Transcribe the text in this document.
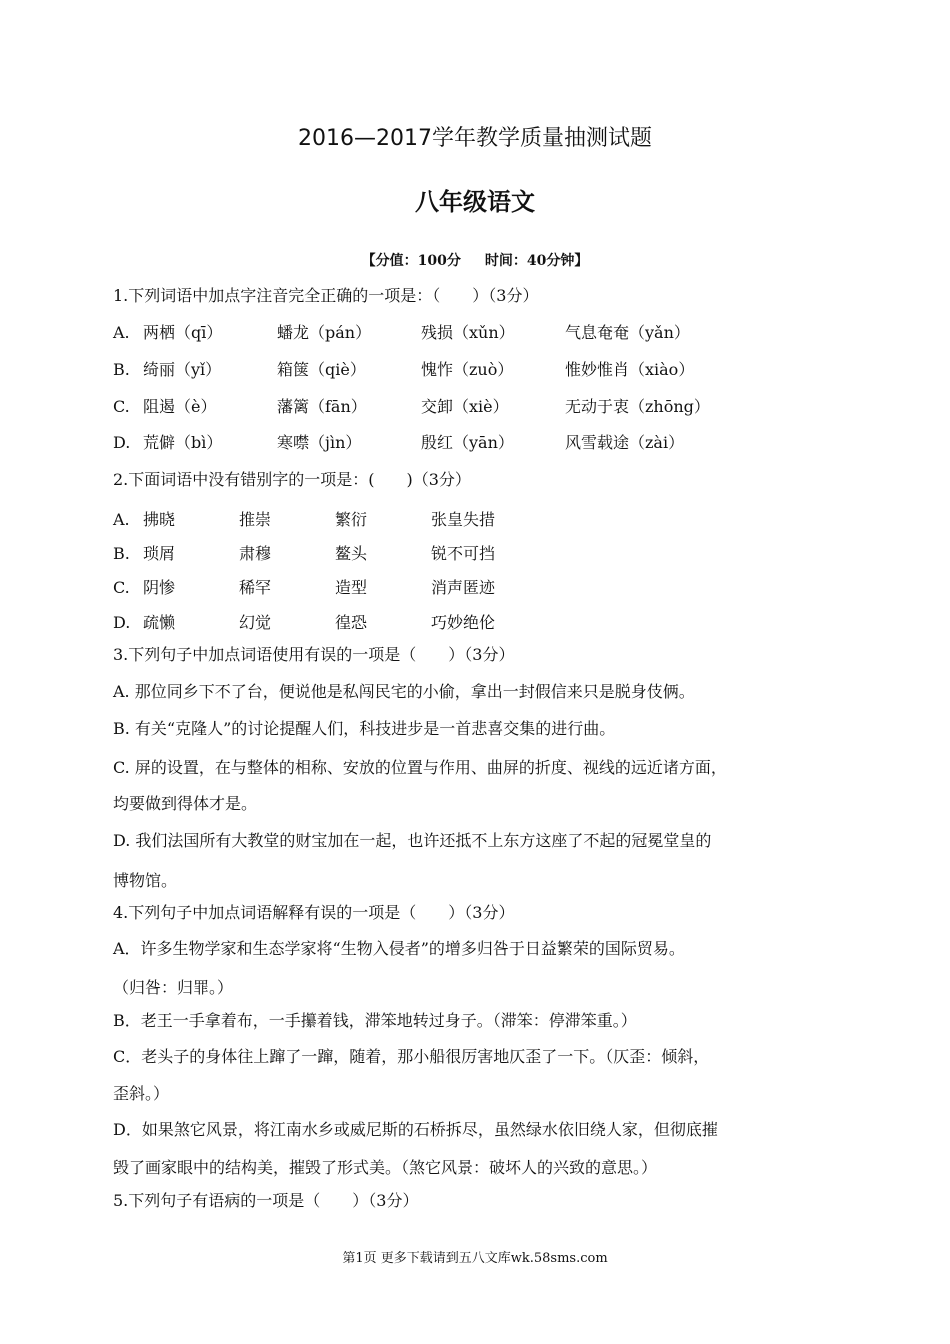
2016—2017学年教学质量抽测试题
八年级语文
【分值：100分 时间：40分钟】
1.下列词语中加点字注音完全正确的一项是：（　　）（3分）
A. 两栖（qī）	蟠龙（pán）	残损（xǔn）	气息奄奄（yǎn）
B. 绮丽（yǐ）	箱箧（qiè）	愧怍（zuò）	惟妙惟肖（xiào）
C. 阻遏（è）	藩篱（fān）	交卸（xiè）	无动于衷（zhōng）
D. 荒僻（bì）	寒噤（jìn）	殷红（yān）	风雪载途（zài）
2.下面词语中没有错别字的一项是：(　　)（3分）
A. 拂晓	推崇	繁衍	张皇失措
B. 琐屑	肃穆	鳌头	锐不可挡
C. 阴惨	稀罕	造型	消声匿迹
D. 疏懒	幻觉	徨恐	巧妙绝伦
3.下列句子中加点词语使用有误的一项是（　　）（3分）
A. 那位同乡下不了台，便说他是私闯民宅的小偷，拿出一封假信来只是脱身伎俩。
B. 有关“克隆人”的讨论提醒人们，科技进步是一首悲喜交集的进行曲。
C. 屏的设置，在与整体的相称、安放的位置与作用、曲屏的折度、视线的远近诸方面，
均要做到得体才是。
D. 我们法国所有大教堂的财宝加在一起，也许还抵不上东方这座了不起的冠冕堂皇的
博物馆。
4.下列句子中加点词语解释有误的一项是（　　）（3分）
A．许多生物学家和生态学家将“生物入侵者”的增多归咎于日益繁荣的国际贸易。
（归咎：归罪。）
B．老王一手拿着布，一手攥着钱，滞笨地转过身子。（滞笨：停滞笨重。）
C．老头子的身体往上蹿了一蹿，随着，那小船很厉害地仄歪了一下。（仄歪：倾斜，
歪斜。）
D．如果煞它风景，将江南水乡或威尼斯的石桥拆尽，虽然绿水依旧绕人家，但彻底摧
毁了画家眼中的结构美，摧毁了形式美。（煞它风景：破坏人的兴致的意思。）
5.下列句子有语病的一项是（　　）（3分）
第1页 更多下载请到五八文库wk.58sms.com
